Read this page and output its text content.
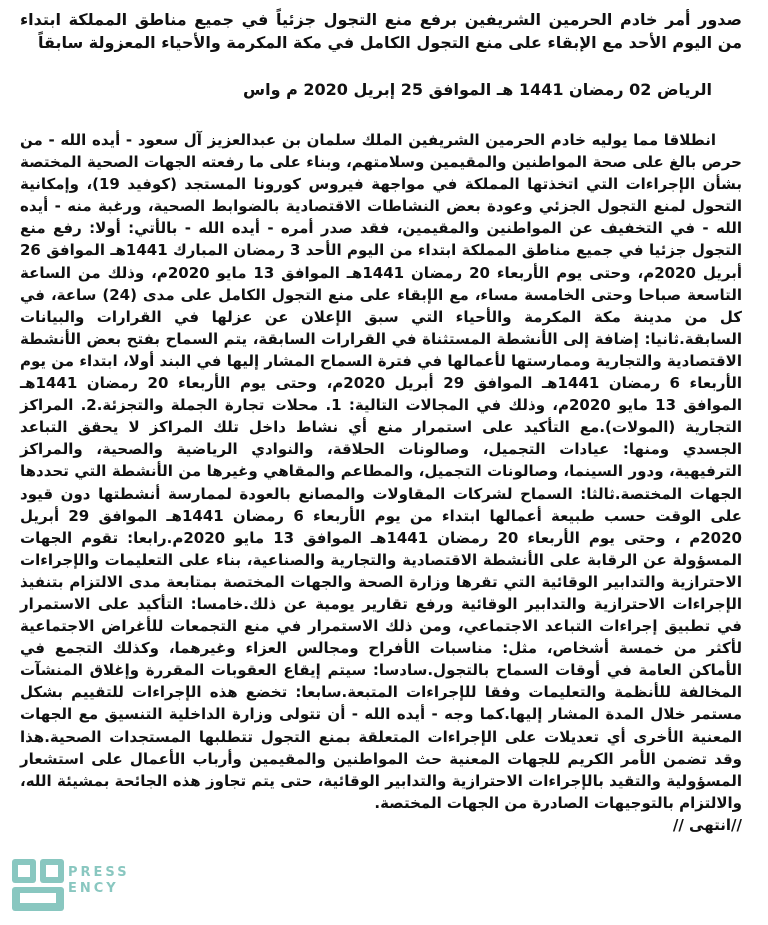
صدور أمر خادم الحرمين الشريفين برفع منع التجول جزئياً في جميع مناطق المملكة ابتداء من اليوم الأحد مع الإبقاء على منع التجول الكامل في مكة المكرمة والأحياء المعزولة سابقاً

الرياض 02 رمضان 1441 هـ الموافق 25 إبريل 2020 م واس

انطلاقا مما يوليه خادم الحرمين الشريفين الملك سلمان بن عبدالعزيز آل سعود - أيده الله - من حرص بالغ على صحة المواطنين والمقيمين وسلامتهم، وبناء على ما رفعته الجهات الصحية المختصة بشأن الإجراءات التي اتخذتها المملكة في مواجهة فيروس كورونا المستجد (كوفيد 19)، وإمكانية التحول لمنع التجول الجزئي وعودة بعض النشاطات الاقتصادية بالضوابط الصحية، ورغبة منه - أيده الله - في التخفيف عن المواطنين والمقيمين، فقد صدر أمره - أيده الله - بالأتي: أولا: رفع منع التجول جزئيا في جميع مناطق المملكة ابتداء من اليوم الأحد 3 رمضان المبارك 1441هـ الموافق 26 أبريل 2020م، وحتى يوم الأربعاء 20 رمضان 1441هـ الموافق 13 مايو 2020م، وذلك من الساعة التاسعة صباحا وحتى الخامسة مساء، مع الإبقاء على منع التجول الكامل على مدى (24) ساعة، في كل من مدينة مكة المكرمة والأحياء التي سبق الإعلان عن عزلها في القرارات والبيانات السابقة.ثانيا: إضافة إلى الأنشطة المستثناة في القرارات السابقة، يتم السماح بفتح بعض الأنشطة الاقتصادية والتجارية وممارستها لأعمالها في فترة السماح المشار إليها في البند أولا، ابتداء من يوم الأربعاء 6 رمضان 1441هـ الموافق 29 أبريل 2020م، وحتى يوم الأربعاء 20 رمضان 1441هـ الموافق 13 مايو 2020م، وذلك في المجالات التالية: 1. محلات تجارة الجملة والتجزئة.2. المراكز التجارية (المولات).مع التأكيد على استمرار منع أي نشاط داخل تلك المراكز لا يحقق التباعد الجسدي ومنها: عيادات التجميل، وصالونات الحلاقة، والنوادي الرياضية والصحية، والمراكز الترفيهية، ودور السينما، وصالونات التجميل، والمطاعم والمقاهي وغيرها من الأنشطة التي تحددها الجهات المختصة.ثالثا: السماح لشركات المقاولات والمصانع بالعودة لممارسة أنشطتها دون قيود على الوقت حسب طبيعة أعمالها ابتداء من يوم الأربعاء 6 رمضان 1441هـ الموافق 29 أبريل 2020م ، وحتى يوم الأربعاء 20 رمضان 1441هـ الموافق 13 مايو 2020م.رابعا: تقوم الجهات المسؤولة عن الرقابة على الأنشطة الاقتصادية والتجارية والصناعية، بناء على التعليمات والإجراءات الاحترازية والتدابير الوقائية التي تقرها وزارة الصحة والجهات المختصة بمتابعة مدى الالتزام بتنفيذ الإجراءات الاحترازية والتدابير الوقائية ورفع تقارير يومية عن ذلك.خامسا: التأكيد على الاستمرار في تطبيق إجراءات التباعد الاجتماعي، ومن ذلك الاستمرار في منع التجمعات للأغراض الاجتماعية لأكثر من خمسة أشخاص، مثل: مناسبات الأفراح ومجالس العزاء وغيرهما، وكذلك التجمع في الأماكن العامة في أوقات السماح بالتجول.سادسا: سيتم إيقاع العقوبات المقررة وإغلاق المنشآت المخالفة للأنظمة والتعليمات وفقا للإجراءات المتبعة.سابعا: تخضع هذه الإجراءات للتقييم بشكل مستمر خلال المدة المشار إليها.كما وجه - أيده الله - أن تتولى وزارة الداخلية التنسيق مع الجهات المعنية الأخرى أي تعديلات على الإجراءات المتعلقة بمنع التجول تتطلبها المستجدات الصحية.هذا وقد تضمن الأمر الكريم للجهات المعنية حث المواطنين والمقيمين وأرباب الأعمال على استشعار المسؤولية والتقيد بالإجراءات الاحترازية والتدابير الوقائية، حتى يتم تجاوز هذه الجائحة بمشيئة الله، والالتزام بالتوجيهات الصادرة من الجهات المختصة.

//انتهى //

PRESS ENCY
